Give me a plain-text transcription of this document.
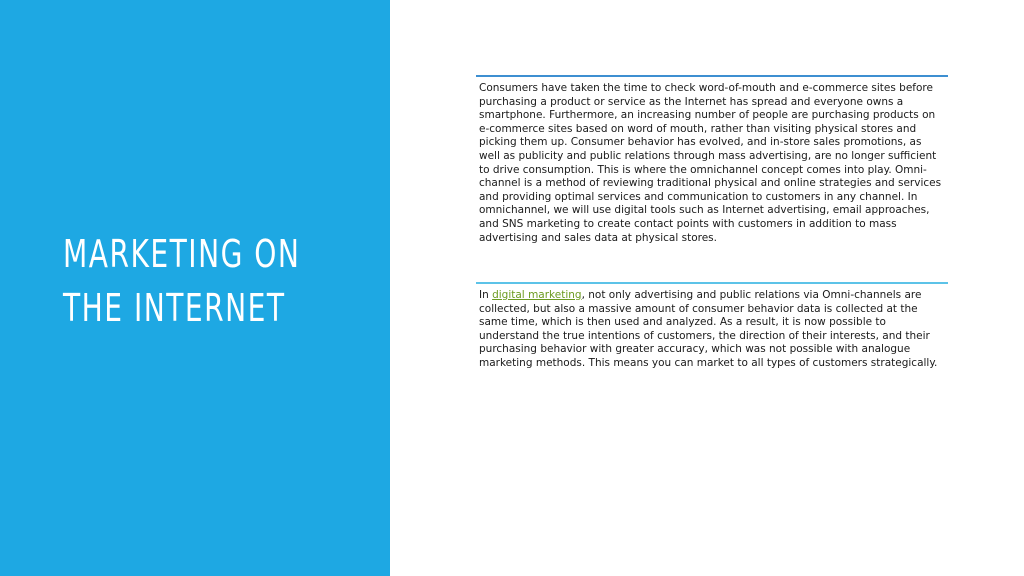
MARKETING ON
THE INTERNET
Consumers have taken the time to check word-of-mouth and e-commerce sites before purchasing a product or service as the Internet has spread and everyone owns a smartphone. Furthermore, an increasing number of people are purchasing products on e-commerce sites based on word of mouth, rather than visiting physical stores and picking them up. Consumer behavior has evolved, and in-store sales promotions, as well as publicity and public relations through mass advertising, are no longer sufficient to drive consumption. This is where the omnichannel concept comes into play. Omni-channel is a method of reviewing traditional physical and online strategies and services and providing optimal services and communication to customers in any channel. In omnichannel, we will use digital tools such as Internet advertising, email approaches, and SNS marketing to create contact points with customers in addition to mass advertising and sales data at physical stores.
In digital marketing, not only advertising and public relations via Omni-channels are collected, but also a massive amount of consumer behavior data is collected at the same time, which is then used and analyzed. As a result, it is now possible to understand the true intentions of customers, the direction of their interests, and their purchasing behavior with greater accuracy, which was not possible with analogue marketing methods. This means you can market to all types of customers strategically.
